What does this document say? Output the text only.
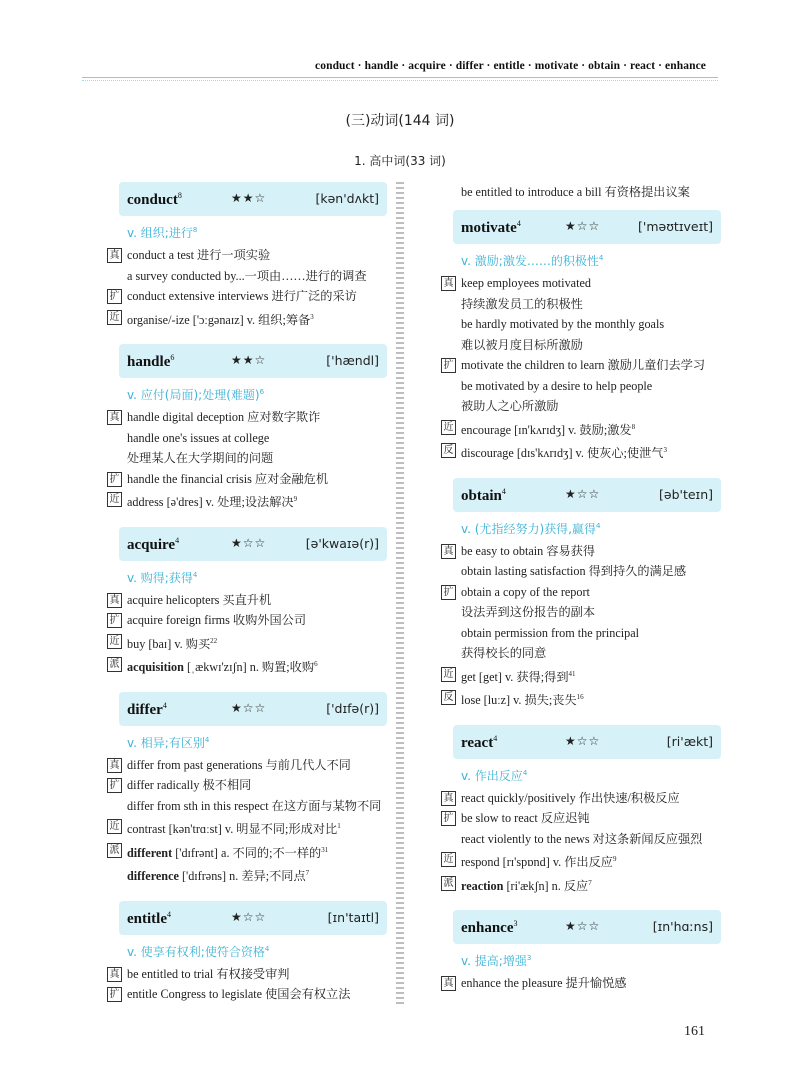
conduct · handle · acquire · differ · entitle · motivate · obtain · react · enhance
(三)动词(144 词)
1. 高中词(33 词)
conduct$^8$	★★☆	[kən'dʌkt]
v. 组织;进行$^8$
真 conduct a test 进行一项实验
a survey conducted by...一项由……进行的调查
扩 conduct extensive interviews 进行广泛的采访
近 organise/-ize ['ɔːgənaɪz] v. 组织;筹备$^3$
handle$^6$	★★☆	['hændl]
v. 应付(局面);处理(难题)$^6$
真 handle digital deception 应对数字欺诈
handle one's issues at college
处理某人在大学期间的问题
扩 handle the financial crisis 应对金融危机
近 address [ə'dres] v. 处理;设法解决$^9$
acquire$^4$	★☆☆	[ə'kwaɪə(r)]
v. 购得;获得$^4$
真 acquire helicopters 买直升机
扩 acquire foreign firms 收购外国公司
近 buy [baɪ] v. 购买$^{22}$
派 acquisition [ˌækwɪ'zɪʃn] n. 购置;收购$^6$
differ$^4$	★☆☆	['dɪfə(r)]
v. 相异;有区别$^4$
真 differ from past generations 与前几代人不同
扩 differ radically 极不相同
differ from sth in this respect 在这方面与某物不同
近 contrast [kən'trɑːst] v. 明显不同;形成对比$^1$
派 different ['dɪfrənt] a. 不同的;不一样的$^{31}$
difference ['dɪfrəns] n. 差异;不同点$^7$
entitle$^4$	★☆☆	[ɪn'taɪtl]
v. 使享有权利;使符合资格$^4$
真 be entitled to trial 有权接受审判
扩 entitle Congress to legislate 使国会有权立法
be entitled to introduce a bill 有资格提出议案
motivate$^4$	★☆☆	['məʊtɪveɪt]
v. 激励;激发……的积极性$^4$
真 keep employees motivated
持续激发员工的积极性
be hardly motivated by the monthly goals
难以被月度目标所激励
扩 motivate the children to learn 激励儿童们去学习
be motivated by a desire to help people
被助人之心所激励
近 encourage [ɪn'kʌrɪdʒ] v. 鼓励;激发$^8$
反 discourage [dɪs'kʌrɪdʒ] v. 使灰心;使泄气$^3$
obtain$^4$	★☆☆	[əb'teɪn]
v. (尤指经努力)获得,赢得$^4$
真 be easy to obtain 容易获得
obtain lasting satisfaction 得到持久的满足感
扩 obtain a copy of the report
设法弄到这份报告的副本
obtain permission from the principal
获得校长的同意
近 get [get] v. 获得;得到$^{41}$
反 lose [luːz] v. 损失;丧失$^{16}$
react$^4$	★☆☆	[ri'ækt]
v. 作出反应$^4$
真 react quickly/positively 作出快速/积极反应
扩 be slow to react 反应迟钝
react violently to the news 对这条新闻反应强烈
近 respond [rɪ'spɒnd] v. 作出反应$^9$
派 reaction [ri'ækʃn] n. 反应$^7$
enhance$^3$	★☆☆	[ɪn'hɑːns]
v. 提高;增强$^3$
真 enhance the pleasure 提升愉悦感
161
